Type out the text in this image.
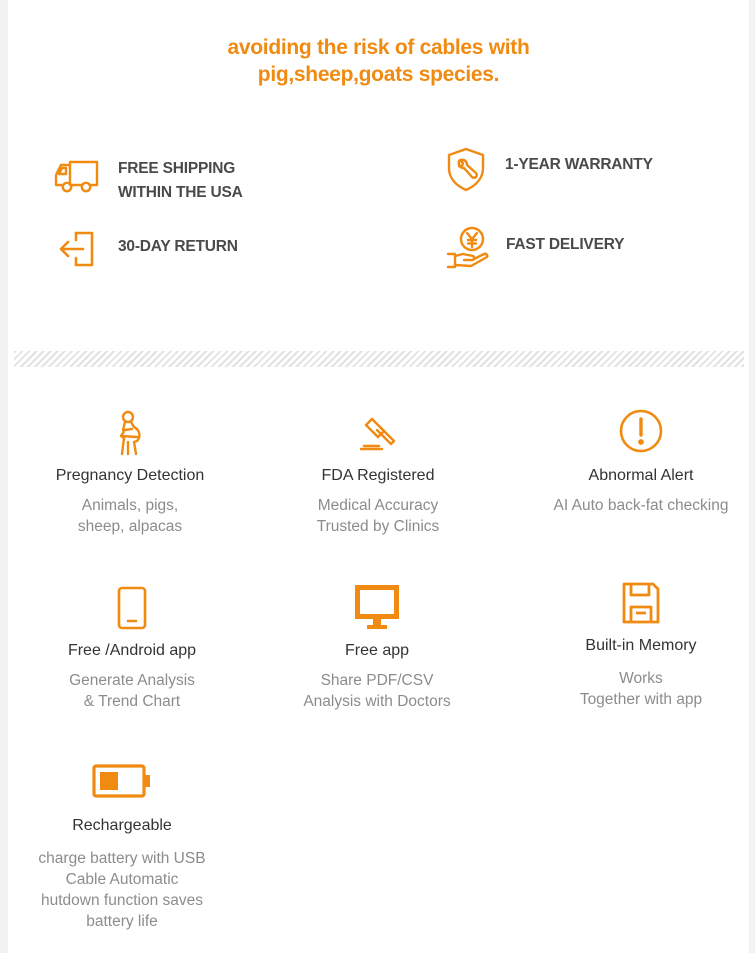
avoiding the risk of cables with
pig,sheep,goats species.
FREE SHIPPING
WITHIN THE USA
1-YEAR WARRANTY
30-DAY RETURN	FAST DELIVERY
Pregnancy Detection
Animals, pigs,
sheep, alpacas
FDA Registered
Medical Accuracy
Trusted by Clinics
Abnormal Alert
AI Auto back-fat checking
Free /Android app
Generate Analysis
& Trend Chart
Free app
Share PDF/CSV
Analysis with Doctors
Built-in Memory
Works
Together with app
Rechargeable
charge battery with USB
Cable Automatic
hutdown function saves
battery life
